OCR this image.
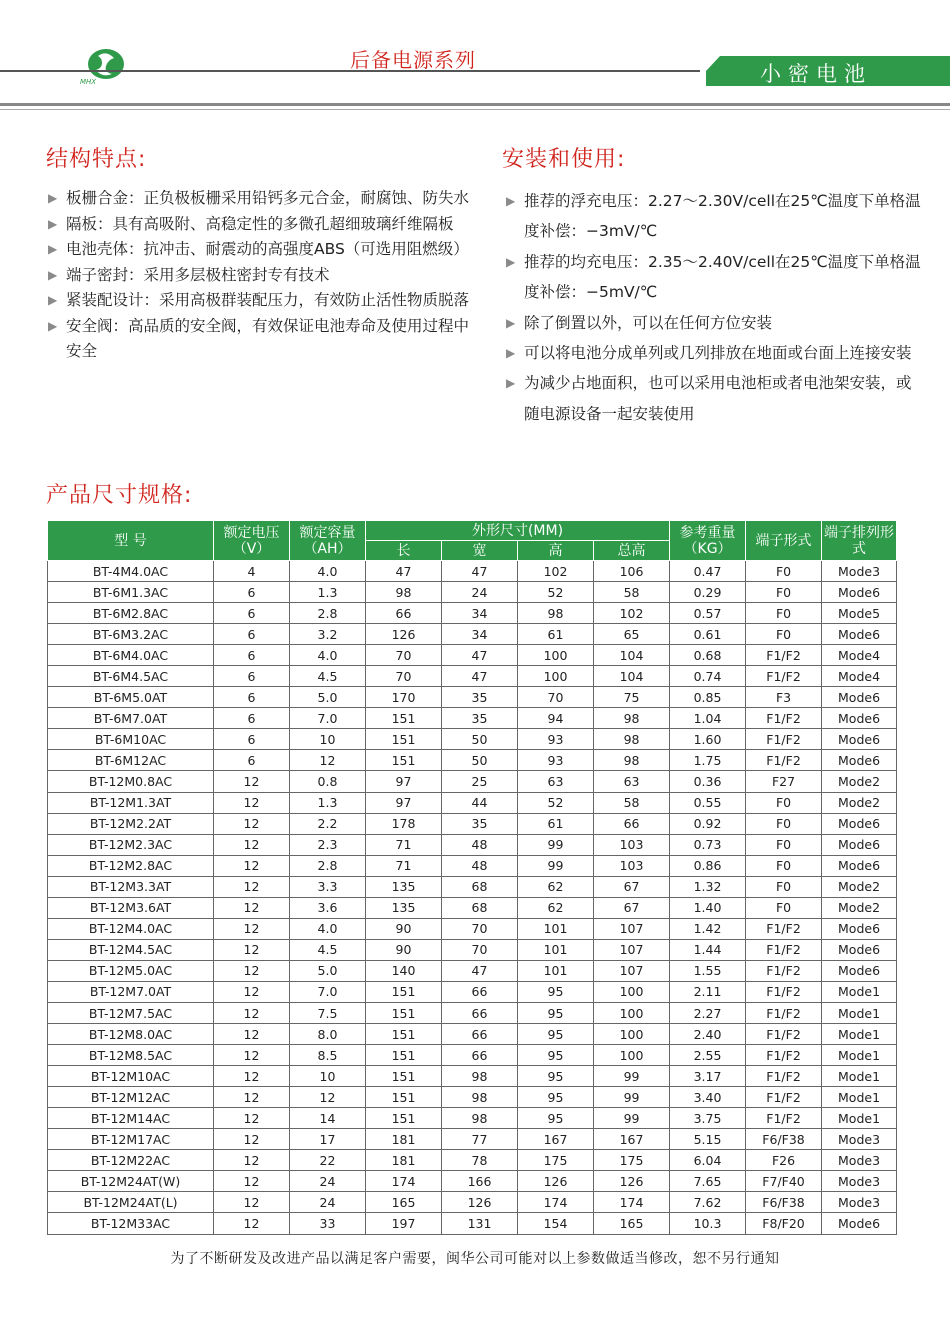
MHX
后备电源系列
小密电池
结构特点:
▶ 板栅合金：正负极板栅采用铅钙多元合金，耐腐蚀、防失水
▶ 隔板：具有高吸附、高稳定性的多微孔超细玻璃纤维隔板
▶ 电池壳体：抗冲击、耐震动的高强度ABS（可选用阻燃级）
▶ 端子密封：采用多层极柱密封专有技术
▶ 紧装配设计：采用高极群装配压力，有效防止活性物质脱落
▶ 安全阀：高品质的安全阀，有效保证电池寿命及使用过程中安全
安装和使用:
▶ 推荐的浮充电压：2.27～2.30V/cell在25℃温度下单格温度补偿：−3mV/℃
▶ 推荐的均充电压：2.35～2.40V/cell在25℃温度下单格温度补偿：−5mV/℃
▶ 除了倒置以外，可以在任何方位安装
▶ 可以将电池分成单列或几列排放在地面或台面上连接安装
▶ 为减少占地面积，也可以采用电池柜或者电池架安装，或随电源设备一起安装使用
产品尺寸规格:
型 号	额定电压（V）	额定容量（AH）	外形尺寸(MM)				参考重量（KG）	端子形式	端子排列形式
			长	宽	高	总高			
BT-4M4.0AC	4	4.0	47	47	102	106	0.47	F0	Mode3
BT-6M1.3AC	6	1.3	98	24	52	58	0.29	F0	Mode6
BT-6M2.8AC	6	2.8	66	34	98	102	0.57	F0	Mode5
BT-6M3.2AC	6	3.2	126	34	61	65	0.61	F0	Mode6
BT-6M4.0AC	6	4.0	70	47	100	104	0.68	F1/F2	Mode4
BT-6M4.5AC	6	4.5	70	47	100	104	0.74	F1/F2	Mode4
BT-6M5.0AT	6	5.0	170	35	70	75	0.85	F3	Mode6
BT-6M7.0AT	6	7.0	151	35	94	98	1.04	F1/F2	Mode6
BT-6M10AC	6	10	151	50	93	98	1.60	F1/F2	Mode6
BT-6M12AC	6	12	151	50	93	98	1.75	F1/F2	Mode6
BT-12M0.8AC	12	0.8	97	25	63	63	0.36	F27	Mode2
BT-12M1.3AT	12	1.3	97	44	52	58	0.55	F0	Mode2
BT-12M2.2AT	12	2.2	178	35	61	66	0.92	F0	Mode6
BT-12M2.3AC	12	2.3	71	48	99	103	0.73	F0	Mode6
BT-12M2.8AC	12	2.8	71	48	99	103	0.86	F0	Mode6
BT-12M3.3AT	12	3.3	135	68	62	67	1.32	F0	Mode2
BT-12M3.6AT	12	3.6	135	68	62	67	1.40	F0	Mode2
BT-12M4.0AC	12	4.0	90	70	101	107	1.42	F1/F2	Mode6
BT-12M4.5AC	12	4.5	90	70	101	107	1.44	F1/F2	Mode6
BT-12M5.0AC	12	5.0	140	47	101	107	1.55	F1/F2	Mode6
BT-12M7.0AT	12	7.0	151	66	95	100	2.11	F1/F2	Mode1
BT-12M7.5AC	12	7.5	151	66	95	100	2.27	F1/F2	Mode1
BT-12M8.0AC	12	8.0	151	66	95	100	2.40	F1/F2	Mode1
BT-12M8.5AC	12	8.5	151	66	95	100	2.55	F1/F2	Mode1
BT-12M10AC	12	10	151	98	95	99	3.17	F1/F2	Mode1
BT-12M12AC	12	12	151	98	95	99	3.40	F1/F2	Mode1
BT-12M14AC	12	14	151	98	95	99	3.75	F1/F2	Mode1
BT-12M17AC	12	17	181	77	167	167	5.15	F6/F38	Mode3
BT-12M22AC	12	22	181	78	175	175	6.04	F26	Mode3
BT-12M24AT(W)	12	24	174	166	126	126	7.65	F7/F40	Mode3
BT-12M24AT(L)	12	24	165	126	174	174	7.62	F6/F38	Mode3
BT-12M33AC	12	33	197	131	154	165	10.3	F8/F20	Mode6
为了不断研发及改进产品以满足客户需要，闽华公司可能对以上参数做适当修改，恕不另行通知
